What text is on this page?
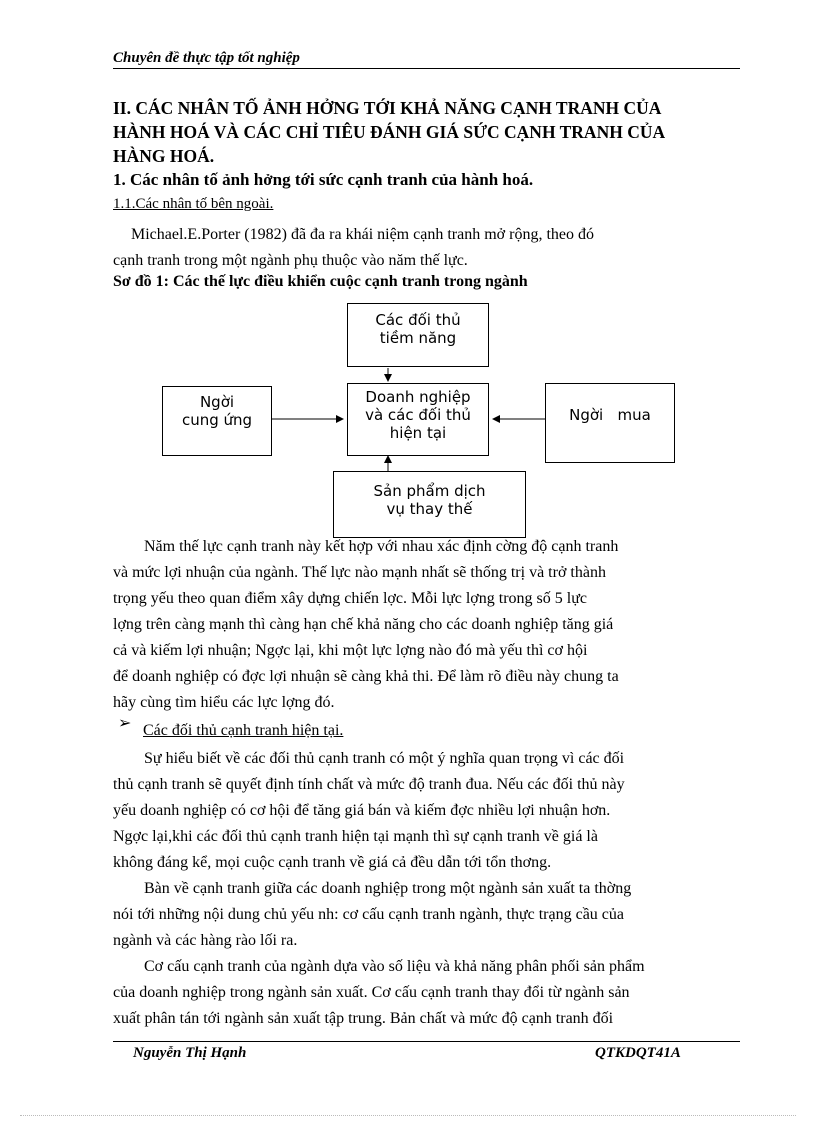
Chuyên đề thực tập tốt nghiệp
II. CÁC NHÂN TỐ ẢNH HỞNG TỚI KHẢ NĂNG CẠNH TRANH CỦA
HÀNH HOÁ VÀ CÁC CHỈ TIÊU ĐÁNH GIÁ SỨC CẠNH TRANH CỦA
HÀNG HOÁ.
1. Các nhân tố ảnh hởng tới sức cạnh tranh của hành hoá.
1.1.Các nhân tố bên ngoài.
Michael.E.Porter (1982) đã đa ra khái niệm cạnh tranh mở rộng, theo đó
cạnh tranh trong một ngành phụ thuộc vào năm thế lực.
Sơ đồ 1: Các thế lực điều khiển cuộc cạnh tranh trong ngành
Các đối thủ
tiềm năng
Ngời
cung ứng
Doanh nghiệp
và các đối thủ
hiện tại
Ngời   mua
Sản phẩm dịch
vụ thay thế
Năm thế lực cạnh tranh này kết hợp với nhau xác định cờng độ cạnh tranh
và mức lợi nhuận của ngành. Thế lực nào mạnh nhất sẽ thống trị và trở thành
trọng yếu theo quan điểm xây dựng chiến lợc. Mỗi lực lợng trong số 5 lực
lợng trên càng mạnh thì càng hạn chế khả năng cho các doanh nghiệp tăng giá
cả và kiếm lợi nhuận; Ngợc lại, khi một lực lợng nào đó mà yếu thì cơ hội
để doanh nghiệp có đợc lợi nhuận sẽ càng khả thi. Để làm rõ điều này chung ta
hãy cùng tìm hiểu các lực lợng đó.
➢ Các đối thủ cạnh tranh hiện tại.
Sự hiểu biết về các đối thủ cạnh tranh có một ý nghĩa quan trọng vì các đối
thủ cạnh tranh sẽ quyết định tính chất và mức độ tranh đua. Nếu các đối thủ này
yếu doanh nghiệp có cơ hội để tăng giá bán và kiếm đợc nhiều lợi nhuận hơn.
Ngợc lại,khi các đối thủ cạnh tranh hiện tại mạnh thì sự cạnh tranh về giá là
không đáng kể, mọi cuộc cạnh tranh về giá cả đều dẫn tới tổn thơng.
Bàn về cạnh tranh giữa các doanh nghiệp trong một ngành sản xuất ta thờng
nói tới những nội dung chủ yếu nh: cơ cấu cạnh tranh ngành, thực trạng cầu của
ngành và các hàng rào lối ra.
Cơ cấu cạnh tranh của ngành dựa vào số liệu và khả năng phân phối sản phẩm
của doanh nghiệp trong ngành sản xuất. Cơ cấu cạnh tranh thay đổi từ ngành sản
xuất phân tán tới ngành sản xuất tập trung. Bản chất và mức độ cạnh tranh đối
Nguyễn Thị Hạnh	QTKDQT41A
